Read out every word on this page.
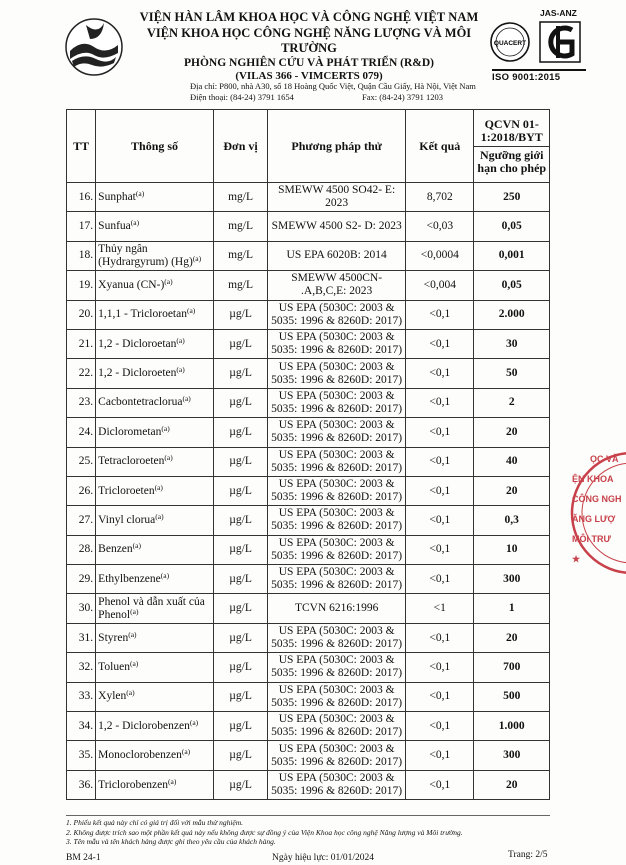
VIỆN HÀN LÂM KHOA HỌC VÀ CÔNG NGHỆ VIỆT NAM
VIỆN KHOA HỌC CÔNG NGHỆ NĂNG LƯỢNG VÀ MÔI TRƯỜNG
PHÒNG NGHIÊN CỨU VÀ PHÁT TRIỂN (R&D)
(VILAS 366 - VIMCERTS 079)
Địa chỉ: P800, nhà A30, số 18 Hoàng Quốc Việt, Quận Cầu Giấy, Hà Nội, Việt Nam
Điện thoại: (84-24) 3791 1654	Fax: (84-24) 3791 1203
JAS-ANZ
QUACERT
ISO 9001:2015
TT	Thông số	Đơn vị	Phương pháp thử	Kết quả	QCVN 01-1:2018/BYT
Ngưỡng giới hạn cho phép

16.	Sunphat$^{(a)}$	mg/L	SMEWW 4500 SO42- E: 2023	8,702	250
17.	Sunfua$^{(a)}$	mg/L	SMEWW 4500 S2- D: 2023	<0,03	0,05
18.	Thủy ngân (Hydrargyrum) $(Hg)^{(a)}$	mg/L	US EPA 6020B: 2014	<0,0004	0,001
19.	Xyanua $(CN-)^{(a)}$	mg/L	SMEWW 4500CN- .A,B,C,E: 2023	<0,004	0,05
20.	1,1,1 - Tricloroetan$^{(a)}$	µg/L	US EPA (5030C: 2003 & 5035: 1996 & 8260D: 2017)	<0,1	2.000
21.	1,2 - Dicloroetan$^{(a)}$	µg/L	US EPA (5030C: 2003 & 5035: 1996 & 8260D: 2017)	<0,1	30
22.	1,2 - Dicloroeten$^{(a)}$	µg/L	US EPA (5030C: 2003 & 5035: 1996 & 8260D: 2017)	<0,1	50
23.	Cacbontetraclorua$^{(a)}$	µg/L	US EPA (5030C: 2003 & 5035: 1996 & 8260D: 2017)	<0,1	2
24.	Diclorometan$^{(a)}$	µg/L	US EPA (5030C: 2003 & 5035: 1996 & 8260D: 2017)	<0,1	20
25.	Tetracloroeten$^{(a)}$	µg/L	US EPA (5030C: 2003 & 5035: 1996 & 8260D: 2017)	<0,1	40
26.	Tricloroeten$^{(a)}$	µg/L	US EPA (5030C: 2003 & 5035: 1996 & 8260D: 2017)	<0,1	20
27.	Vinyl clorua$^{(a)}$	µg/L	US EPA (5030C: 2003 & 5035: 1996 & 8260D: 2017)	<0,1	0,3
28.	Benzen$^{(a)}$	µg/L	US EPA (5030C: 2003 & 5035: 1996 & 8260D: 2017)	<0,1	10
29.	Ethylbenzene$^{(a)}$	µg/L	US EPA (5030C: 2003 & 5035: 1996 & 8260D: 2017)	<0,1	300
30.	Phenol và dẫn xuất của Phenol$^{(a)}$	µg/L	TCVN 6216:1996	<1	1
31.	Styren$^{(a)}$	µg/L	US EPA (5030C: 2003 & 5035: 1996 & 8260D: 2017)	<0,1	20
32.	Toluen$^{(a)}$	µg/L	US EPA (5030C: 2003 & 5035: 1996 & 8260D: 2017)	<0,1	700
33.	Xylen$^{(a)}$	µg/L	US EPA (5030C: 2003 & 5035: 1996 & 8260D: 2017)	<0,1	500
34.	1,2 - Diclorobenzen$^{(a)}$	µg/L	US EPA (5030C: 2003 & 5035: 1996 & 8260D: 2017)	<0,1	1.000
35.	Monoclorobenzen$^{(a)}$	µg/L	US EPA (5030C: 2003 & 5035: 1996 & 8260D: 2017)	<0,1	300
36.	Triclorobenzen$^{(a)}$	µg/L	US EPA (5030C: 2003 & 5035: 1996 & 8260D: 2017)	<0,1	20
1. Phiếu kết quả này chỉ có giá trị đối với mẫu thử nghiệm.
2. Không được trích sao một phần kết quả này nếu không được sự đồng ý của Viện Khoa học công nghệ Năng lượng và Môi trường.
3. Tên mẫu và tên khách hàng được ghi theo yêu cầu của khách hàng.
BM 24-1	Ngày hiệu lực: 01/01/2024	Trang: 2/5
ỌC VÀ
ỆN KHOA
CÔNG NGH
ĂNG LƯỢ
MÔI TRƯ
★
